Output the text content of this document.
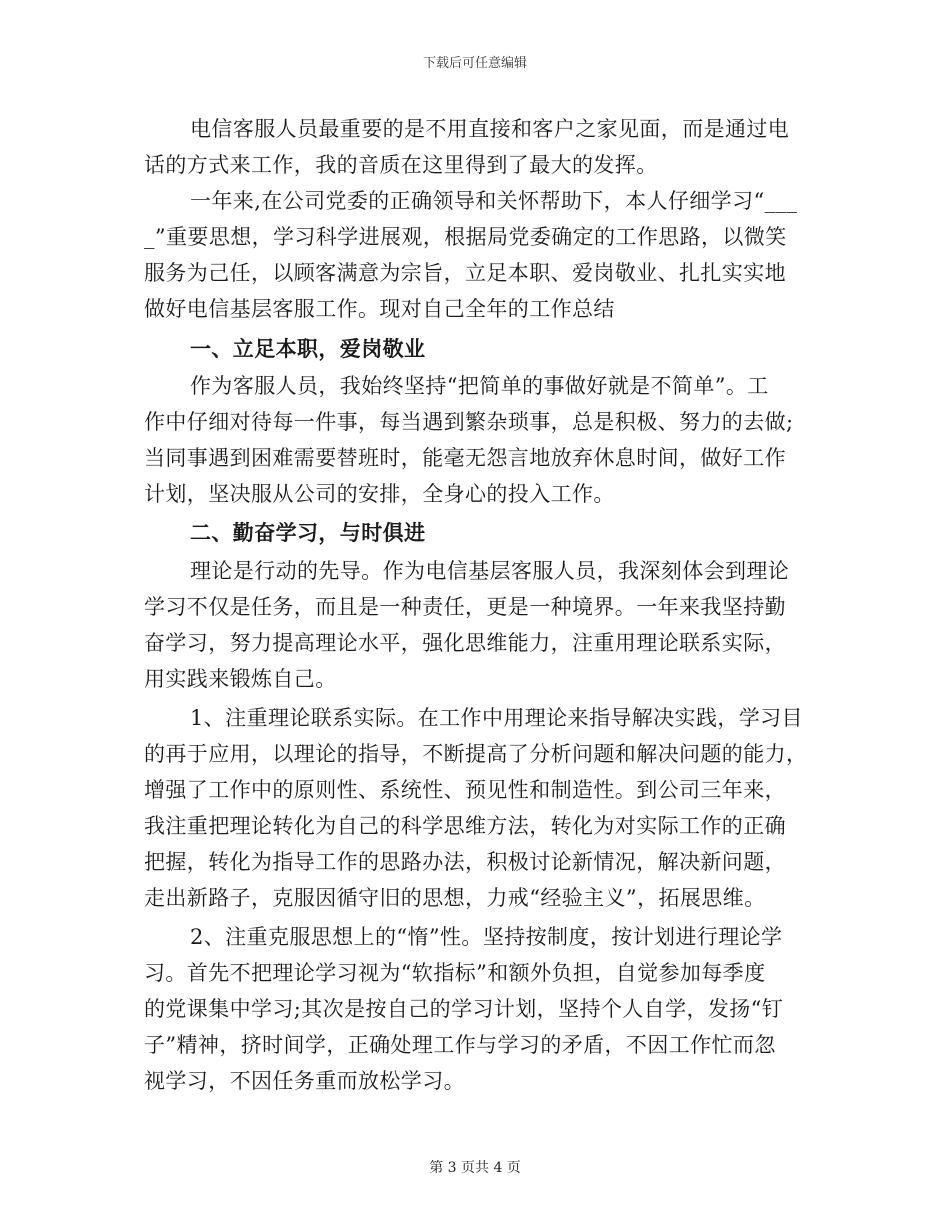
下载后可任意编辑
电信客服人员最重要的是不用直接和客户之家见面，而是通过电
话的方式来工作，我的音质在这里得到了最大的发挥。
一年来,在公司党委的正确领导和关怀帮助下，本人仔细学习“___
_”重要思想，学习科学进展观，根据局党委确定的工作思路，以微笑
服务为己任，以顾客满意为宗旨，立足本职、爱岗敬业、扎扎实实地
做好电信基层客服工作。现对自己全年的工作总结
一、立足本职，爱岗敬业
作为客服人员，我始终坚持“把简单的事做好就是不简单”。工
作中仔细对待每一件事，每当遇到繁杂琐事，总是积极、努力的去做;
当同事遇到困难需要替班时，能毫无怨言地放弃休息时间，做好工作
计划，坚决服从公司的安排，全身心的投入工作。
二、勤奋学习，与时俱进
理论是行动的先导。作为电信基层客服人员，我深刻体会到理论
学习不仅是任务，而且是一种责任，更是一种境界。一年来我坚持勤
奋学习，努力提高理论水平，强化思维能力，注重用理论联系实际，
用实践来锻炼自己。
1、注重理论联系实际。在工作中用理论来指导解决实践，学习目
的再于应用，以理论的指导，不断提高了分析问题和解决问题的能力，
增强了工作中的原则性、系统性、预见性和制造性。到公司三年来，
我注重把理论转化为自己的科学思维方法，转化为对实际工作的正确
把握，转化为指导工作的思路办法，积极讨论新情况，解决新问题，
走出新路子，克服因循守旧的思想，力戒“经验主义”，拓展思维。
2、注重克服思想上的“惰”性。坚持按制度，按计划进行理论学
习。首先不把理论学习视为“软指标”和额外负担，自觉参加每季度
的党课集中学习;其次是按自己的学习计划，坚持个人自学，发扬“钉
子”精神，挤时间学，正确处理工作与学习的矛盾，不因工作忙而忽
视学习，不因任务重而放松学习。
第 3 页共 4 页
